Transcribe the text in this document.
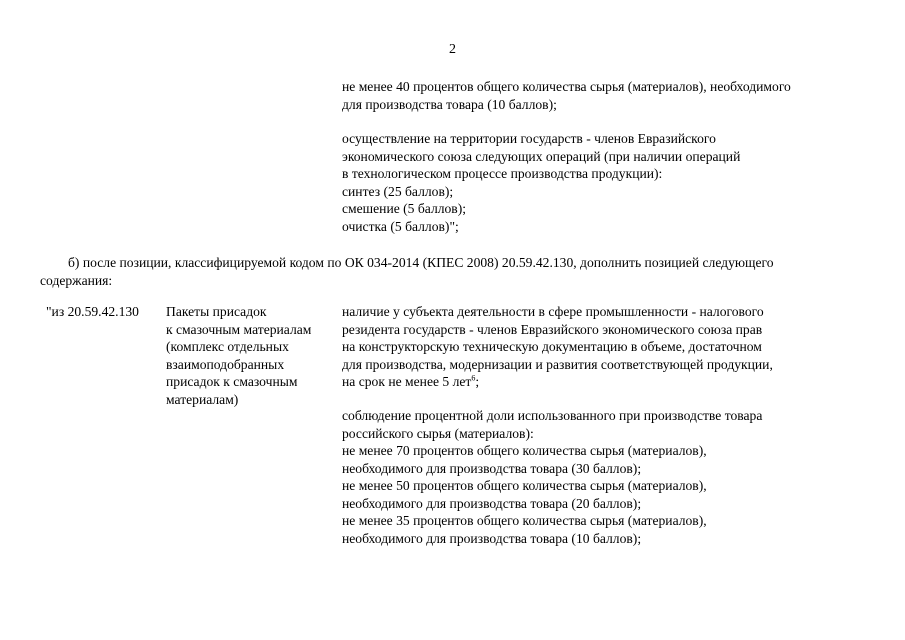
2
не менее 40 процентов общего количества сырья (материалов), необходимого
для производства товара (10 баллов);
осуществление на территории государств - членов Евразийского
экономического союза следующих операций (при наличии операций
в технологическом процессе производства продукции):
синтез (25 баллов);
смешение (5 баллов);
очистка (5 баллов)";
б) после позиции, классифицируемой кодом по ОК 034-2014 (КПЕС 2008) 20.59.42.130, дополнить позицией следующего
содержания:
"из 20.59.42.130	Пакеты присадок
к смазочным материалам
(комплекс отдельных
взаимоподобранных
присадок к смазочным
материалам)
наличие у субъекта деятельности в сфере промышленности - налогового
резидента государств - членов Евразийского экономического союза прав
на конструкторскую техническую документацию в объеме, достаточном
для производства, модернизации и развития соответствующей продукции,
на срок не менее 5 лет$^6$;
соблюдение процентной доли использованного при производстве товара
российского сырья (материалов):
не менее 70 процентов общего количества сырья (материалов),
необходимого для производства товара (30 баллов);
не менее 50 процентов общего количества сырья (материалов),
необходимого для производства товара (20 баллов);
не менее 35 процентов общего количества сырья (материалов),
необходимого для производства товара (10 баллов);
